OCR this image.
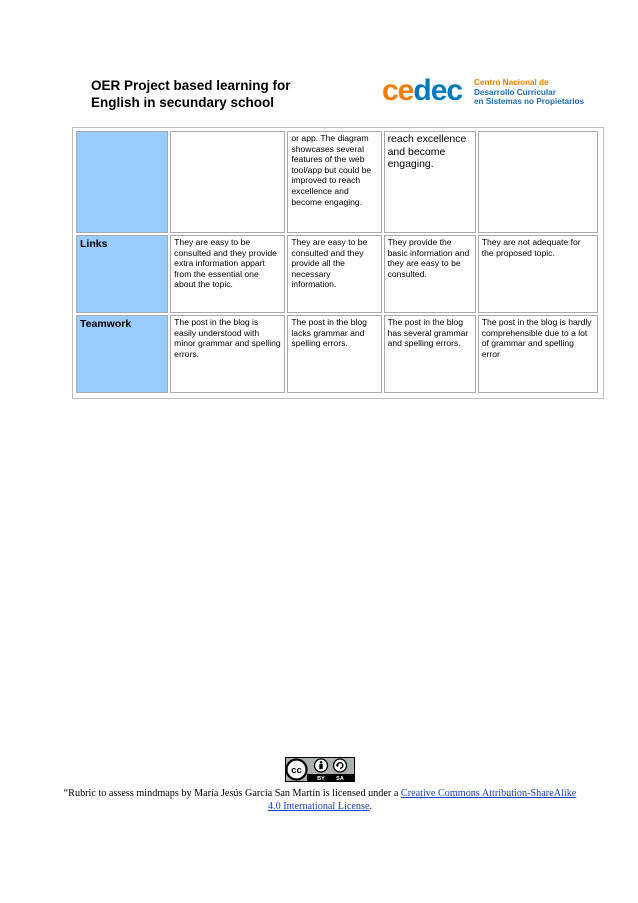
OER Project based learning for
English in secundary school	cedec Centro Nacional de
Desarrollo Curricular
en Sistemas no Propietarios
		or app. The diagram showcases several features of the web tool/app but could be improved to reach excellence and become engaging.	reach excellence and become engaging.	
Links	They are easy to be consulted and they provide extra information appart from the essential one about the topic.	They are easy to be consulted and they provide all the necessary information.	They provide the basic information and they are easy to be consulted.	They are not adequate for the proposed topic.
Teamwork	The post in the blog is easily understood with minor grammar and spelling errors.	The post in the blog lacks grammar and spelling errors.	The post in the blog has several grammar and spelling errors.	The post in the blog is hardly comprehensible due to a lot of grammar and spelling error
cc
BY SA
“Rubric to assess mindmaps by María Jesús García San Martín is licensed under a Creative Commons Attribution-ShareAlike 4.0 International License.
